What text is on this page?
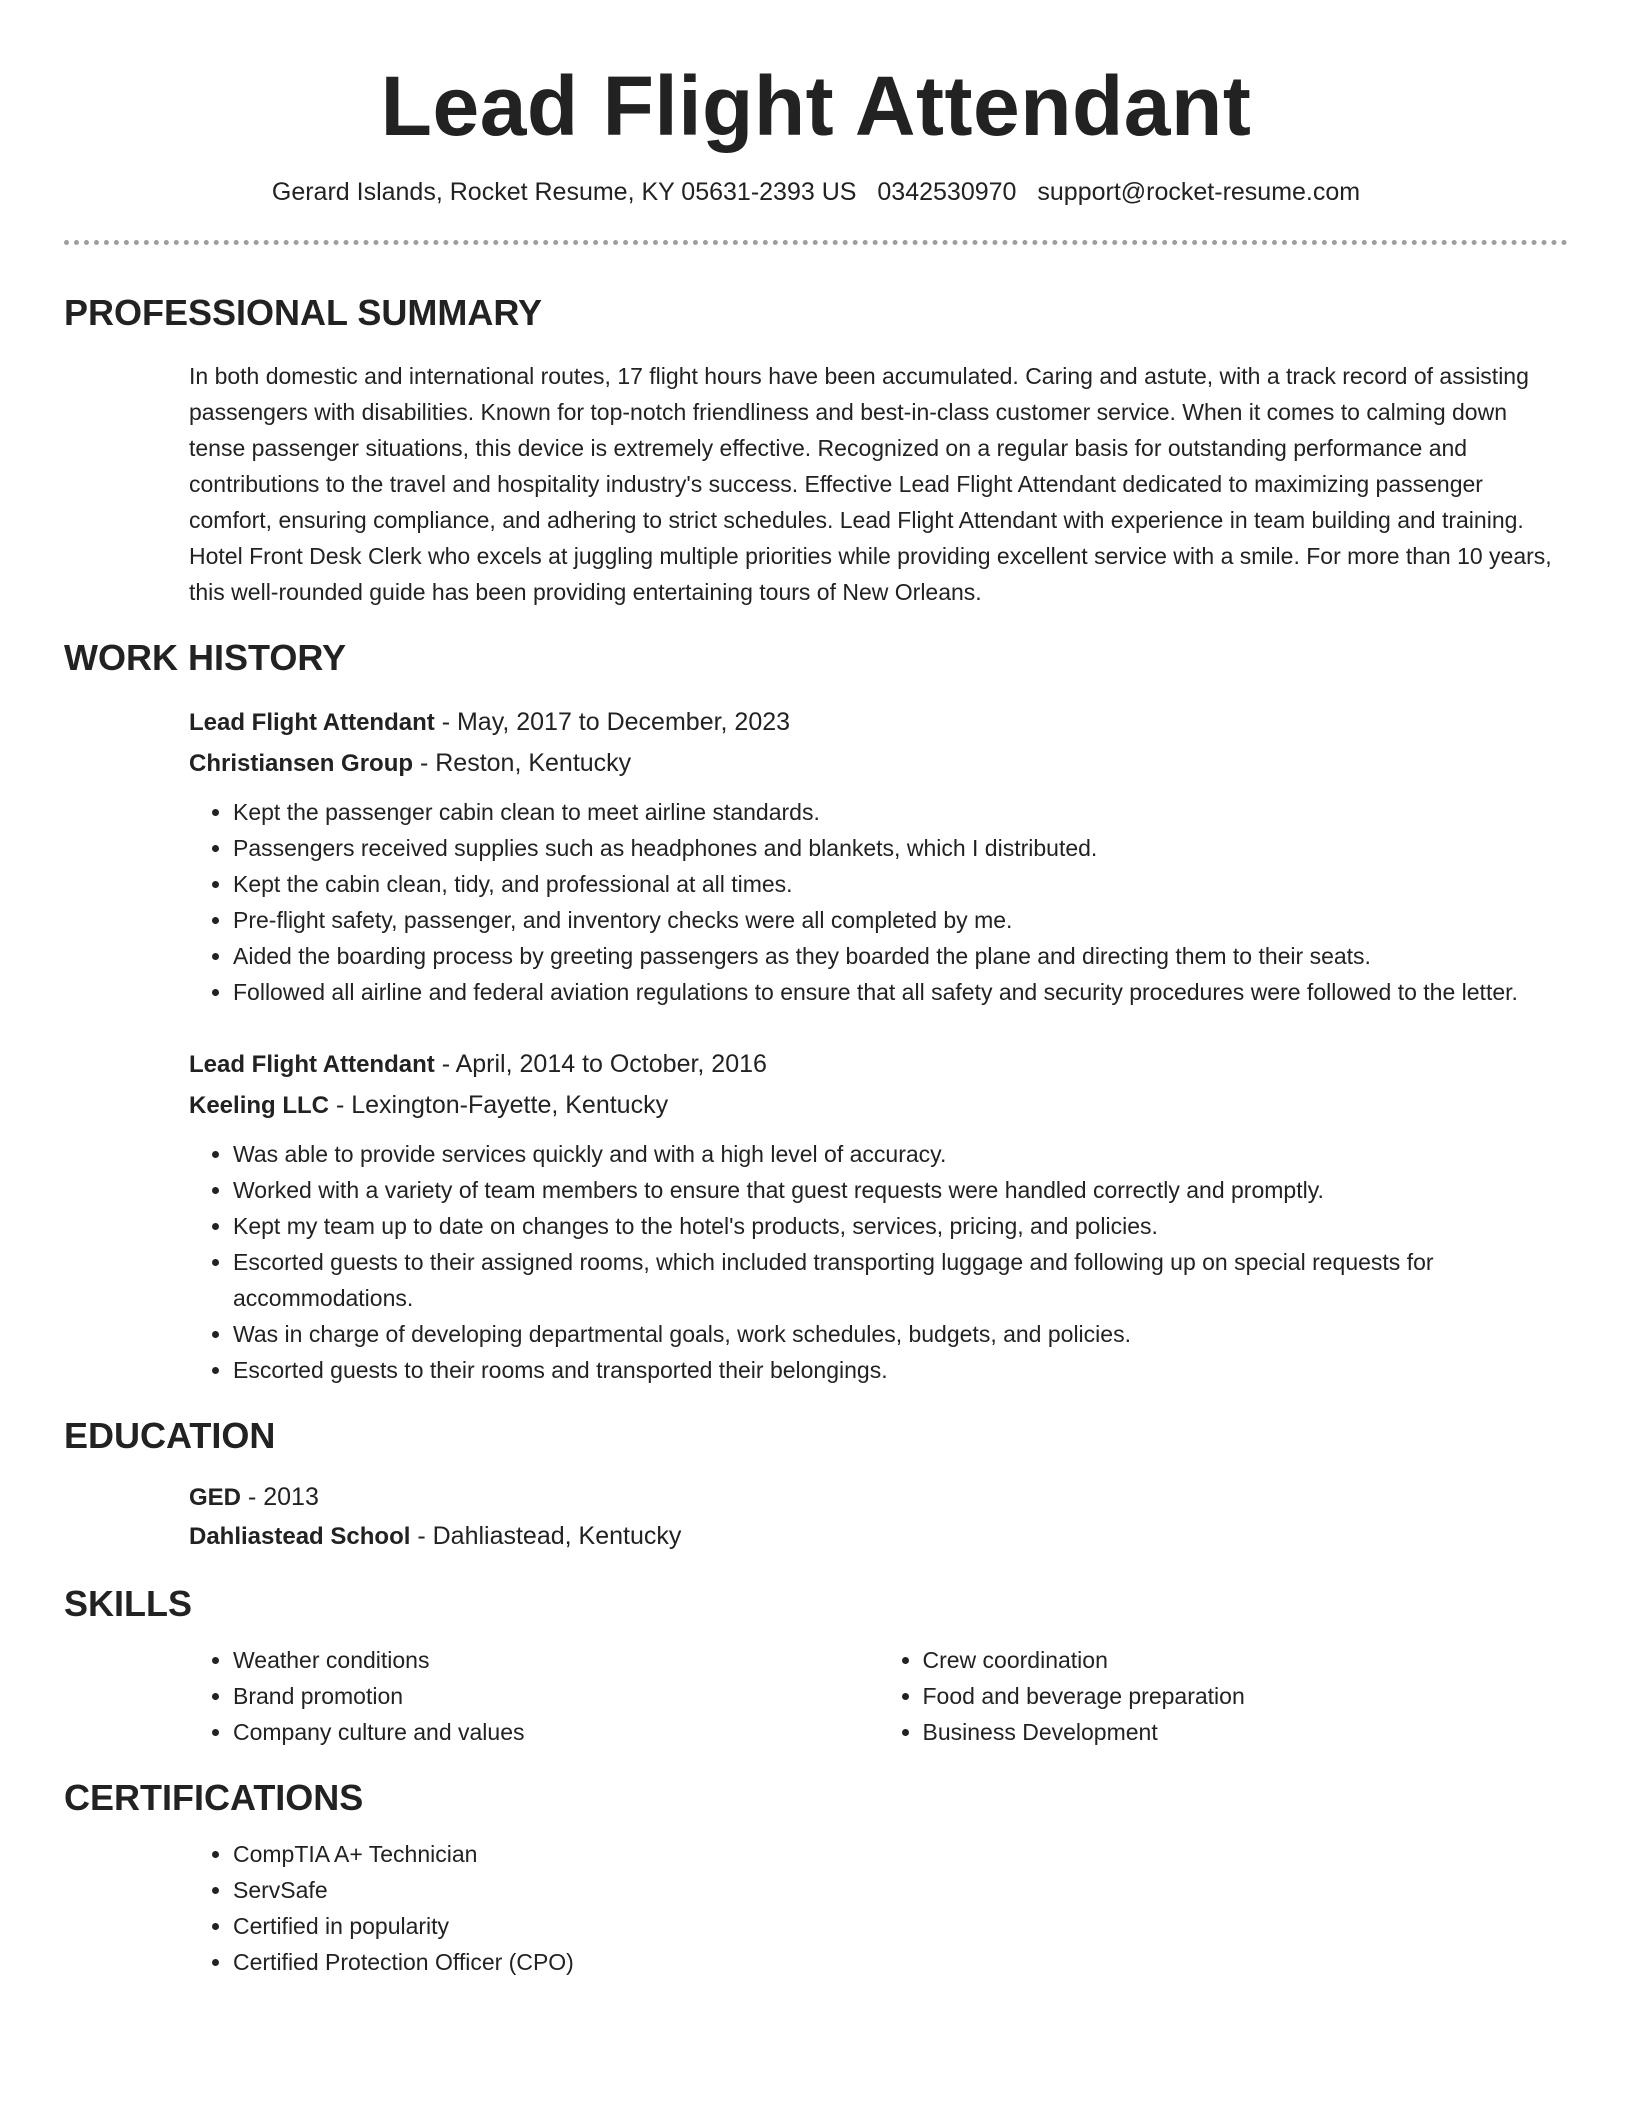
Lead Flight Attendant
Gerard Islands, Rocket Resume, KY 05631-2393 US 0342530970 support@rocket-resume.com
PROFESSIONAL SUMMARY
In both domestic and international routes, 17 flight hours have been accumulated. Caring and astute, with a track record of assisting passengers with disabilities. Known for top-notch friendliness and best-in-class customer service. When it comes to calming down tense passenger situations, this device is extremely effective. Recognized on a regular basis for outstanding performance and contributions to the travel and hospitality industry's success. Effective Lead Flight Attendant dedicated to maximizing passenger comfort, ensuring compliance, and adhering to strict schedules. Lead Flight Attendant with experience in team building and training. Hotel Front Desk Clerk who excels at juggling multiple priorities while providing excellent service with a smile. For more than 10 years, this well-rounded guide has been providing entertaining tours of New Orleans.
WORK HISTORY
Lead Flight Attendant - May, 2017 to December, 2023
Christiansen Group - Reston, Kentucky
• Kept the passenger cabin clean to meet airline standards.
• Passengers received supplies such as headphones and blankets, which I distributed.
• Kept the cabin clean, tidy, and professional at all times.
• Pre-flight safety, passenger, and inventory checks were all completed by me.
• Aided the boarding process by greeting passengers as they boarded the plane and directing them to their seats.
• Followed all airline and federal aviation regulations to ensure that all safety and security procedures were followed to the letter.
Lead Flight Attendant - April, 2014 to October, 2016
Keeling LLC - Lexington-Fayette, Kentucky
• Was able to provide services quickly and with a high level of accuracy.
• Worked with a variety of team members to ensure that guest requests were handled correctly and promptly.
• Kept my team up to date on changes to the hotel's products, services, pricing, and policies.
• Escorted guests to their assigned rooms, which included transporting luggage and following up on special requests for accommodations.
• Was in charge of developing departmental goals, work schedules, budgets, and policies.
• Escorted guests to their rooms and transported their belongings.
EDUCATION
GED - 2013
Dahliastead School - Dahliastead, Kentucky
SKILLS
• Weather conditions
• Brand promotion
• Company culture and values
• Crew coordination
• Food and beverage preparation
• Business Development
CERTIFICATIONS
• CompTIA A+ Technician
• ServSafe
• Certified in popularity
• Certified Protection Officer (CPO)
